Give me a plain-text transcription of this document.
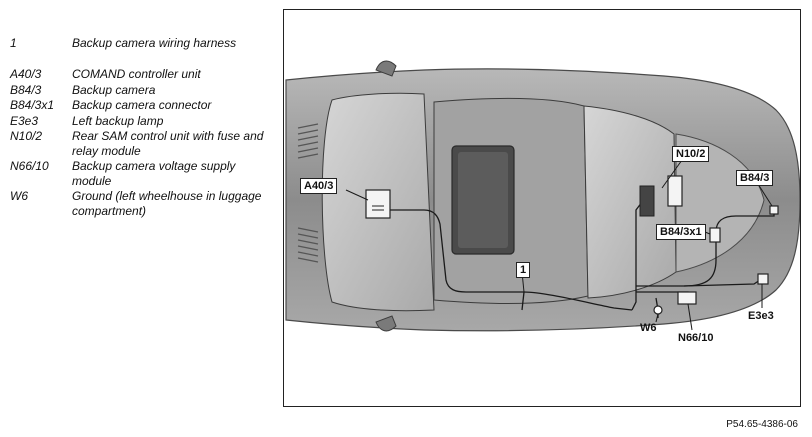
1	Backup camera wiring harness
A40/3	COMAND controller unit
B84/3	Backup camera
B84/3x1	Backup camera connector
E3e3	Left backup lamp
N10/2	Rear SAM control unit with fuse and relay module
N66/10	Backup camera voltage supply module
W6	Ground (left wheelhouse in luggage compartment)
A40/3
N10/2
B84/3
B84/3x1
1
W6
N66/10
E3e3
P54.65-4386-06
